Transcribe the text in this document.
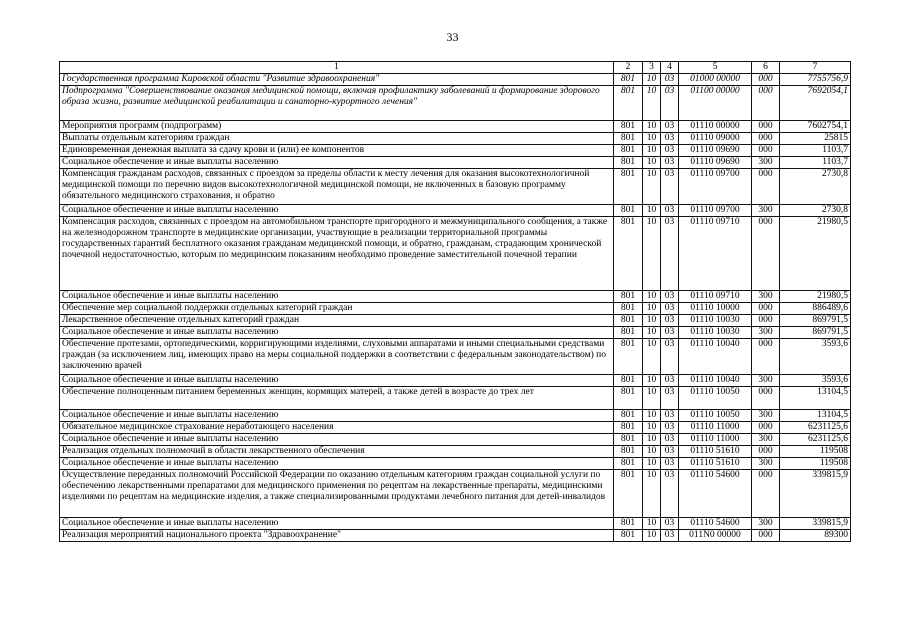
33
1	2	3	4	5	6	7
Государственная программа Кировской области "Развитие здравоохранения"	801	10	03	01000 00000	000	7755756,9
Подпрограмма "Совершенствование оказания медицинской помощи, включая профилактику заболеваний и формирование здорового образа жизни, развитие медицинской реабилитации и санаторно-курортного лечения"	801	10	03	01100 00000	000	7692054,1
Мероприятия программ (подпрограмм)	801	10	03	01110 00000	000	7602754,1
Выплаты отдельным категориям граждан	801	10	03	01110 09000	000	25815
Единовременная денежная выплата за сдачу крови и (или) ее компонентов	801	10	03	01110 09690	000	1103,7
Социальное обеспечение и иные выплаты населению	801	10	03	01110 09690	300	1103,7
Компенсация гражданам расходов, связанных с проездом за пределы области к месту лечения для оказания высокотехнологичной медицинской помощи по перечню видов высокотехнологичной медицинской помощи, не включенных в базовую программу обязательного медицинского страхования, и обратно	801	10	03	01110 09700	000	2730,8
Социальное обеспечение и иные выплаты населению	801	10	03	01110 09700	300	2730,8
Компенсация расходов, связанных с проездом на автомобильном транспорте пригородного и межмуниципального сообщения, а также на железнодорожном транспорте в медицинские организации, участвующие в реализации территориальной программы государственных гарантий бесплатного оказания гражданам медицинской помощи, и обратно, гражданам, страдающим хронической почечной недостаточностью, которым по медицинским показаниям необходимо проведение заместительной почечной терапии	801	10	03	01110 09710	000	21980,5
Социальное обеспечение и иные выплаты населению	801	10	03	01110 09710	300	21980,5
Обеспечение мер социальной поддержки отдельных категорий граждан	801	10	03	01110 10000	000	886489,6
Лекарственное обеспечение отдельных категорий граждан	801	10	03	01110 10030	000	869791,5
Социальное обеспечение и иные выплаты населению	801	10	03	01110 10030	300	869791,5
Обеспечение протезами, ортопедическими, корригирующими изделиями, слуховыми аппаратами и иными специальными средствами граждан (за исключением лиц, имеющих право на меры социальной поддержки в соответствии с федеральным законодательством) по заключению врачей	801	10	03	01110 10040	000	3593,6
Социальное обеспечение и иные выплаты населению	801	10	03	01110 10040	300	3593,6
Обеспечение полноценным питанием беременных женщин, кормящих матерей, а также детей в возрасте до трех лет	801	10	03	01110 10050	000	13104,5
Социальное обеспечение и иные выплаты населению	801	10	03	01110 10050	300	13104,5
Обязательное медицинское страхование неработающего населения	801	10	03	01110 11000	000	6231125,6
Социальное обеспечение и иные выплаты населению	801	10	03	01110 11000	300	6231125,6
Реализация отдельных полномочий в области лекарственного обеспечения	801	10	03	01110 51610	000	119508
Социальное обеспечение и иные выплаты населению	801	10	03	01110 51610	300	119508
Осуществление переданных полномочий Российской Федерации по оказанию отдельным категориям граждан социальной услуги по обеспечению лекарственными препаратами для медицинского применения по рецептам на лекарственные препараты, медицинскими изделиями по рецептам на медицинские изделия, а также специализированными продуктами лечебного питания для детей-инвалидов	801	10	03	01110 54600	000	339815,9
Социальное обеспечение и иные выплаты населению	801	10	03	01110 54600	300	339815,9
Реализация мероприятий национального проекта "Здравоохранение"	801	10	03	011N0 00000	000	89300
